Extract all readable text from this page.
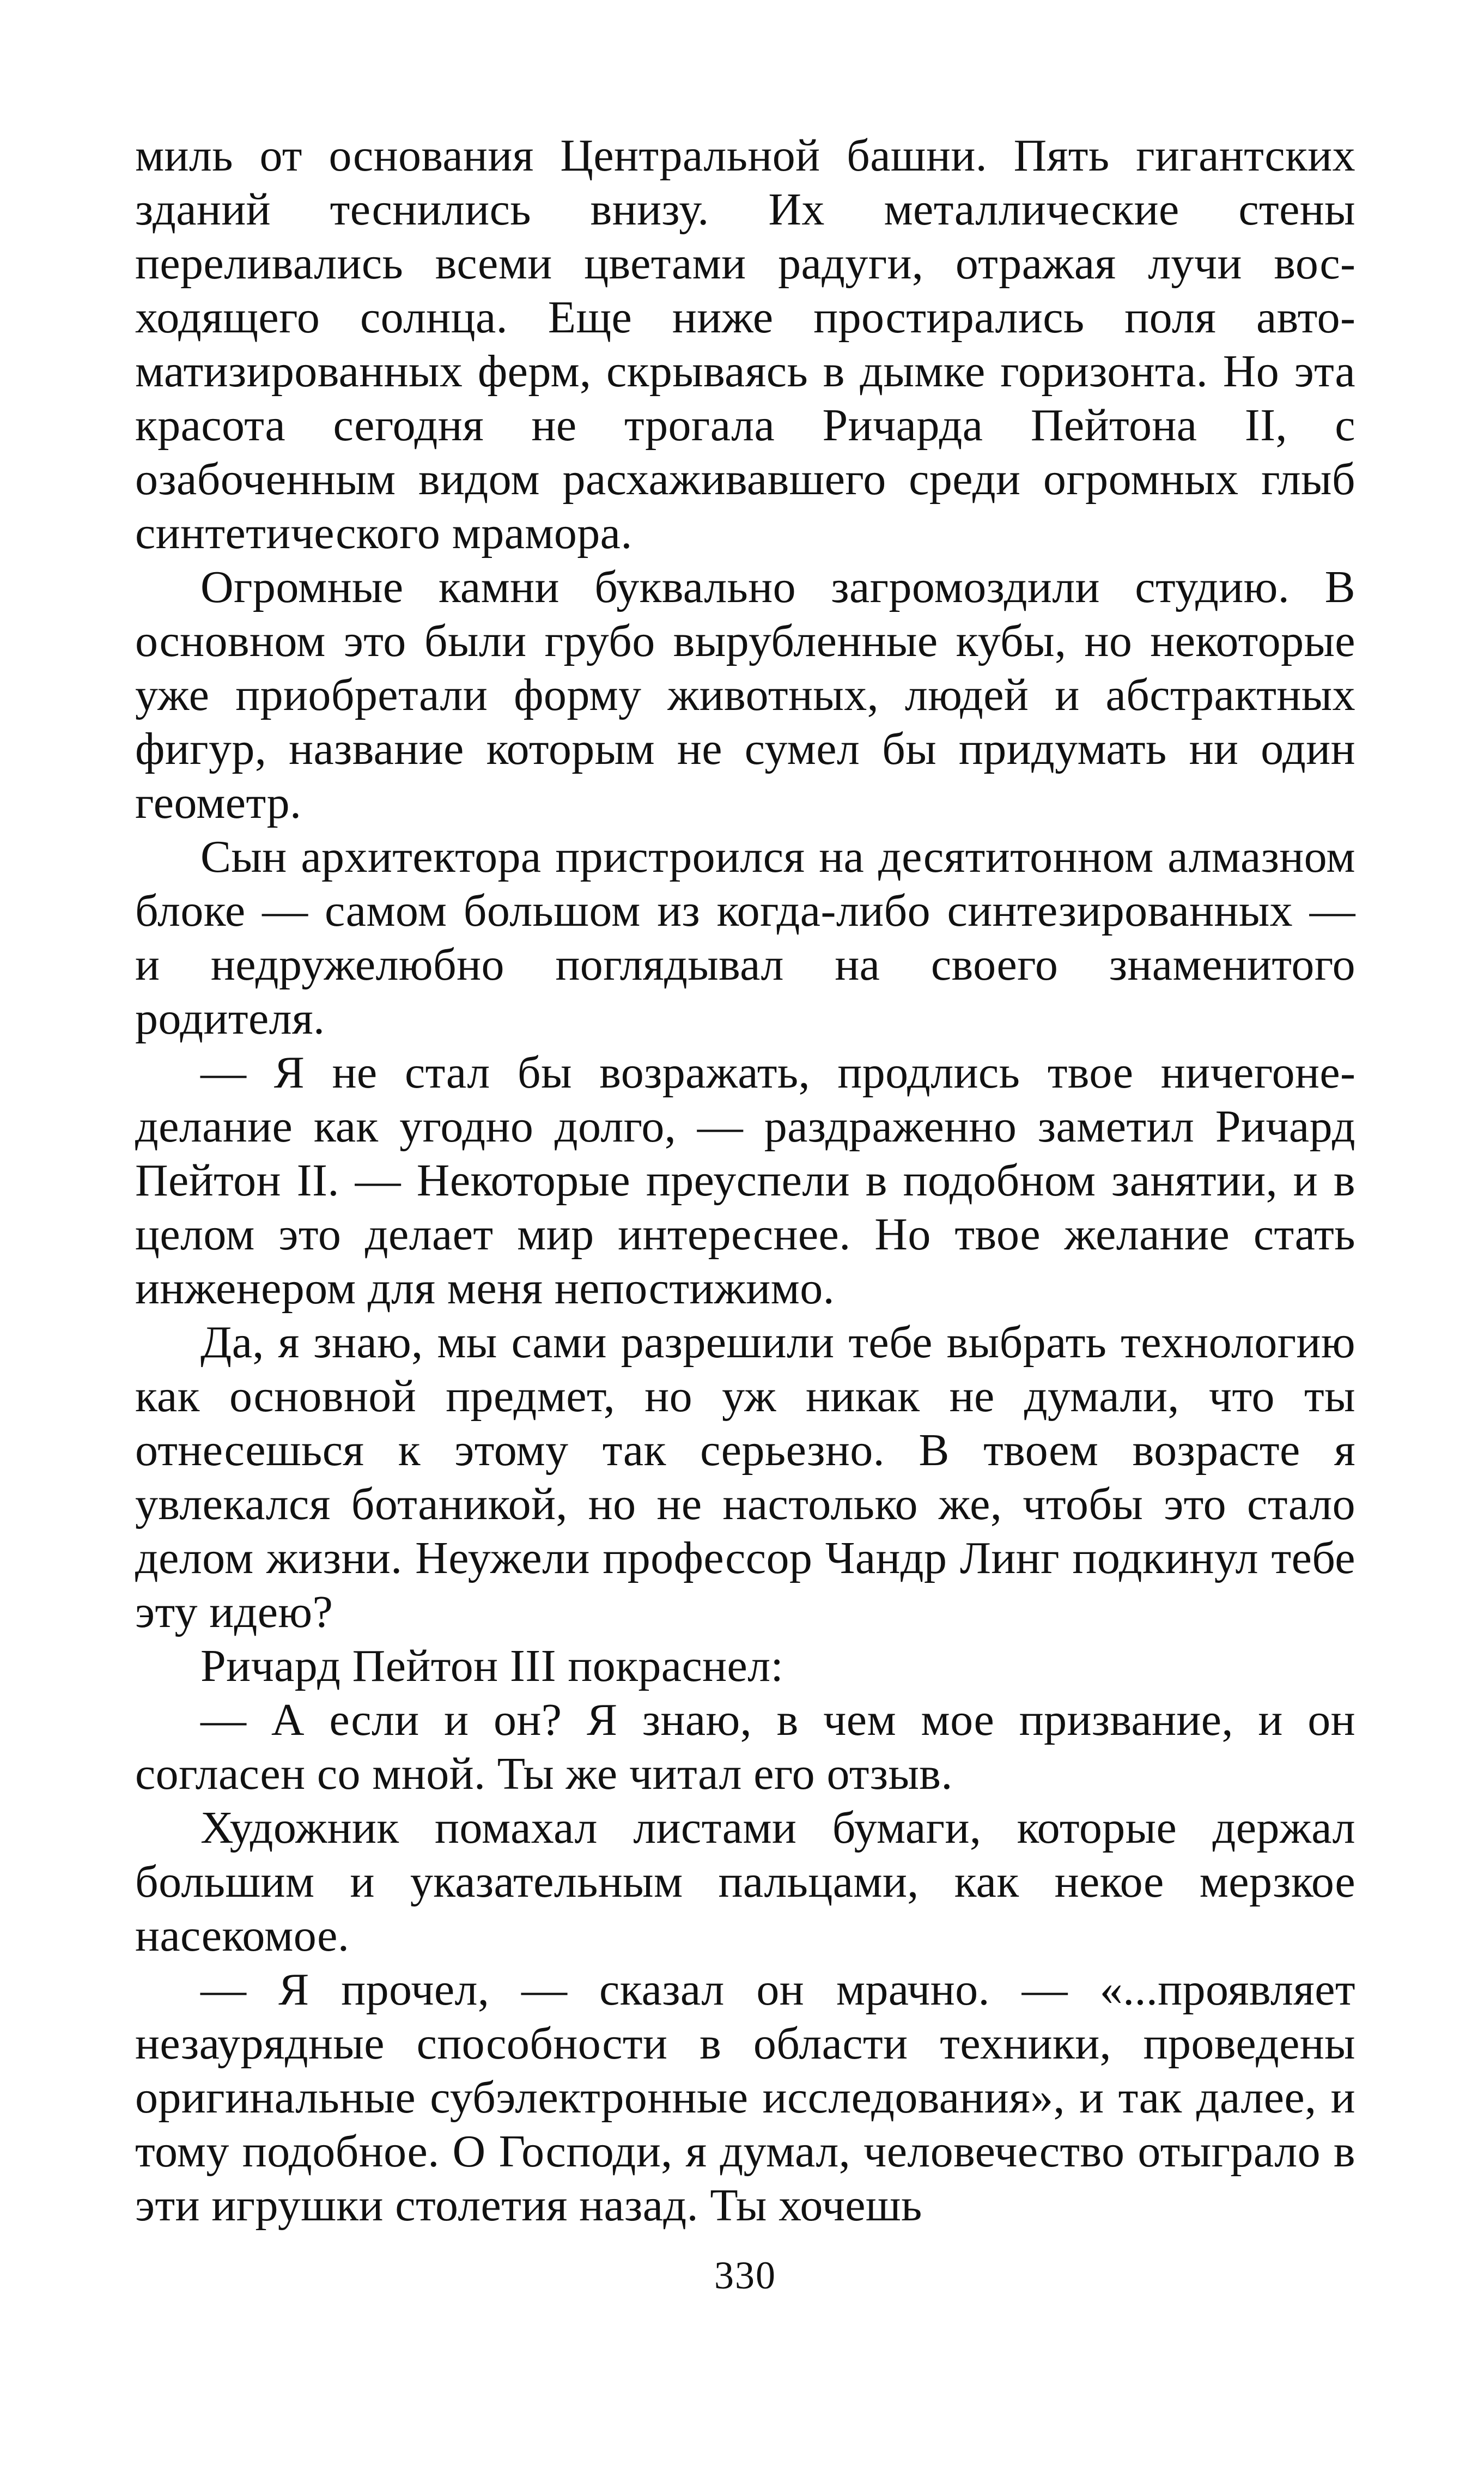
миль от основания Центральной башни. Пять гигантских зданий теснились внизу. Их металлические стены переливались всеми цветами радуги, отражая лучи восходящего солнца. Еще ниже простирались поля автоматизированных ферм, скрываясь в дымке горизонта. Но эта красота сегодня не трогала Ричарда Пейтона II, с озабоченным видом расхаживавшего среди огромных глыб синтетического мрамора.

Огромные камни буквально загромоздили студию. В основном это были грубо вырубленные кубы, но некоторые уже приобретали форму животных, людей и абстрактных фигур, название которым не сумел бы придумать ни один геометр.

Сын архитектора пристроился на десятитонном алмазном блоке — самом большом из когда-либо синтезированных — и недружелюбно поглядывал на своего знаменитого родителя.

— Я не стал бы возражать, продлись твое ничегонеделание как угодно долго, — раздраженно заметил Ричард Пейтон II. — Некоторые преуспели в подобном занятии, и в целом это делает мир интереснее. Но твое желание стать инженером для меня непостижимо.

Да, я знаю, мы сами разрешили тебе выбрать технологию как основной предмет, но уж никак не думали, что ты отнесешься к этому так серьезно. В твоем возрасте я увлекался ботаникой, но не настолько же, чтобы это стало делом жизни. Неужели профессор Чандр Линг подкинул тебе эту идею?

Ричард Пейтон III покраснел:

— А если и он? Я знаю, в чем мое призвание, и он согласен со мной. Ты же читал его отзыв.

Художник помахал листами бумаги, которые держал большим и указательным пальцами, как некое мерзкое насекомое.

— Я прочел, — сказал он мрачно. — «...проявляет незаурядные способности в области техники, проведены оригинальные субэлектронные исследования», и так далее, и тому подобное. О Господи, я думал, человечество отыграло в эти игрушки столетия назад. Ты хочешь

330
